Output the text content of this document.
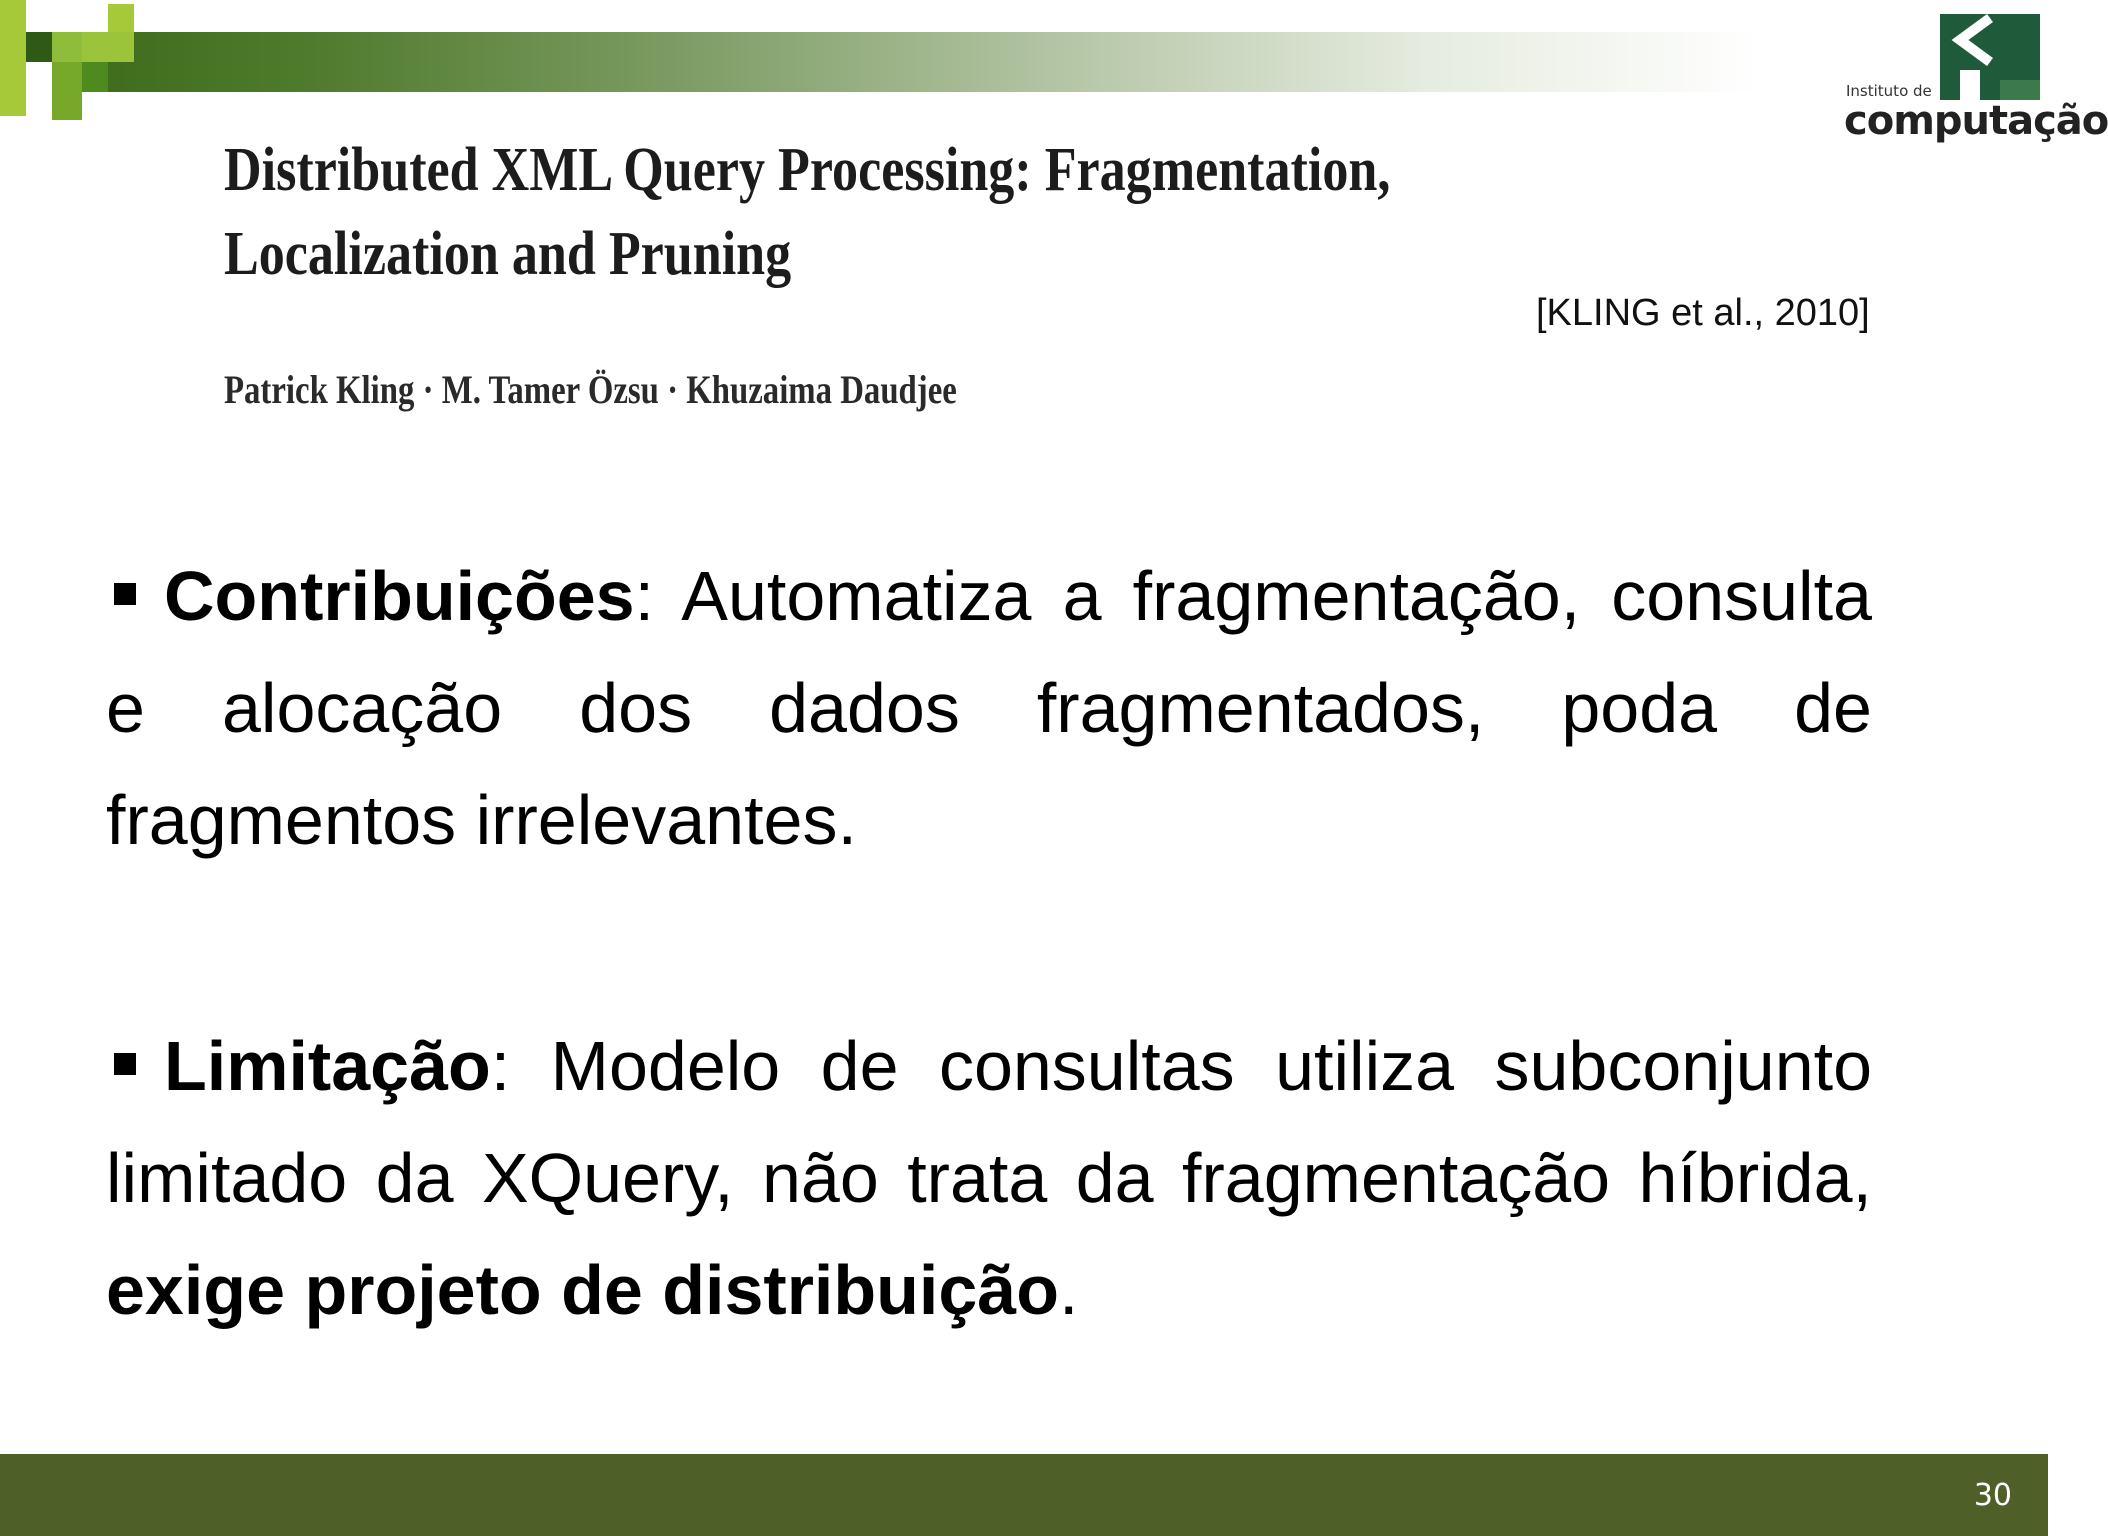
Instituto de
computação
Distributed XML Query Processing: Fragmentation, Localization and Pruning
Patrick Kling · M. Tamer Özsu · Khuzaima Daudjee
[KLING et al., 2010]
Contribuições: Automatiza a fragmentação, consulta e alocação dos dados fragmentados, poda de fragmentos irrelevantes.
Limitação: Modelo de consultas utiliza subconjunto limitado da XQuery, não trata da fragmentação híbrida, exige projeto de distribuição.
30
